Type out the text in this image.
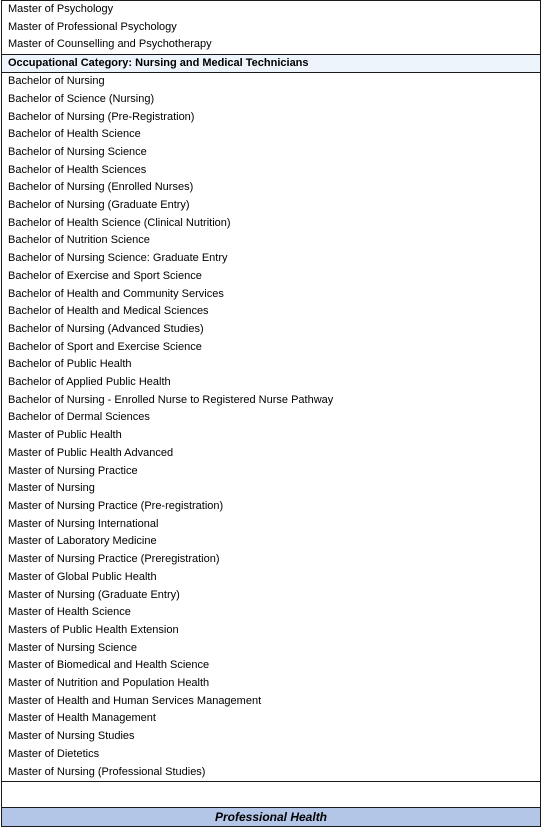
Master of Psychology
Master of Professional Psychology
Master of Counselling and Psychotherapy
Occupational Category: Nursing and Medical Technicians
Bachelor of Nursing
Bachelor of Science (Nursing)
Bachelor of Nursing (Pre-Registration)
Bachelor of Health Science
Bachelor of Nursing Science
Bachelor of Health Sciences
Bachelor of Nursing (Enrolled Nurses)
Bachelor of Nursing (Graduate Entry)
Bachelor of Health Science (Clinical Nutrition)
Bachelor of Nutrition Science
Bachelor of Nursing Science: Graduate Entry
Bachelor of Exercise and Sport Science
Bachelor of Health and Community Services
Bachelor of Health and Medical Sciences
Bachelor of Nursing (Advanced Studies)
Bachelor of Sport and Exercise Science
Bachelor of Public Health
Bachelor of Applied Public Health
Bachelor of Nursing - Enrolled Nurse to Registered Nurse Pathway
Bachelor of Dermal Sciences
Master of Public Health
Master of Public Health Advanced
Master of Nursing Practice
Master of Nursing
Master of Nursing Practice (Pre-registration)
Master of Nursing International
Master of Laboratory Medicine
Master of Nursing Practice (Preregistration)
Master of Global Public Health
Master of Nursing (Graduate Entry)
Master of Health Science
Masters of Public Health Extension
Master of Nursing Science
Master of Biomedical and Health Science
Master of Nutrition and Population Health
Master of Health and Human Services Management
Master of Health Management
Master of Nursing Studies
Master of Dietetics
Master of Nursing (Professional Studies)

Professional Health
